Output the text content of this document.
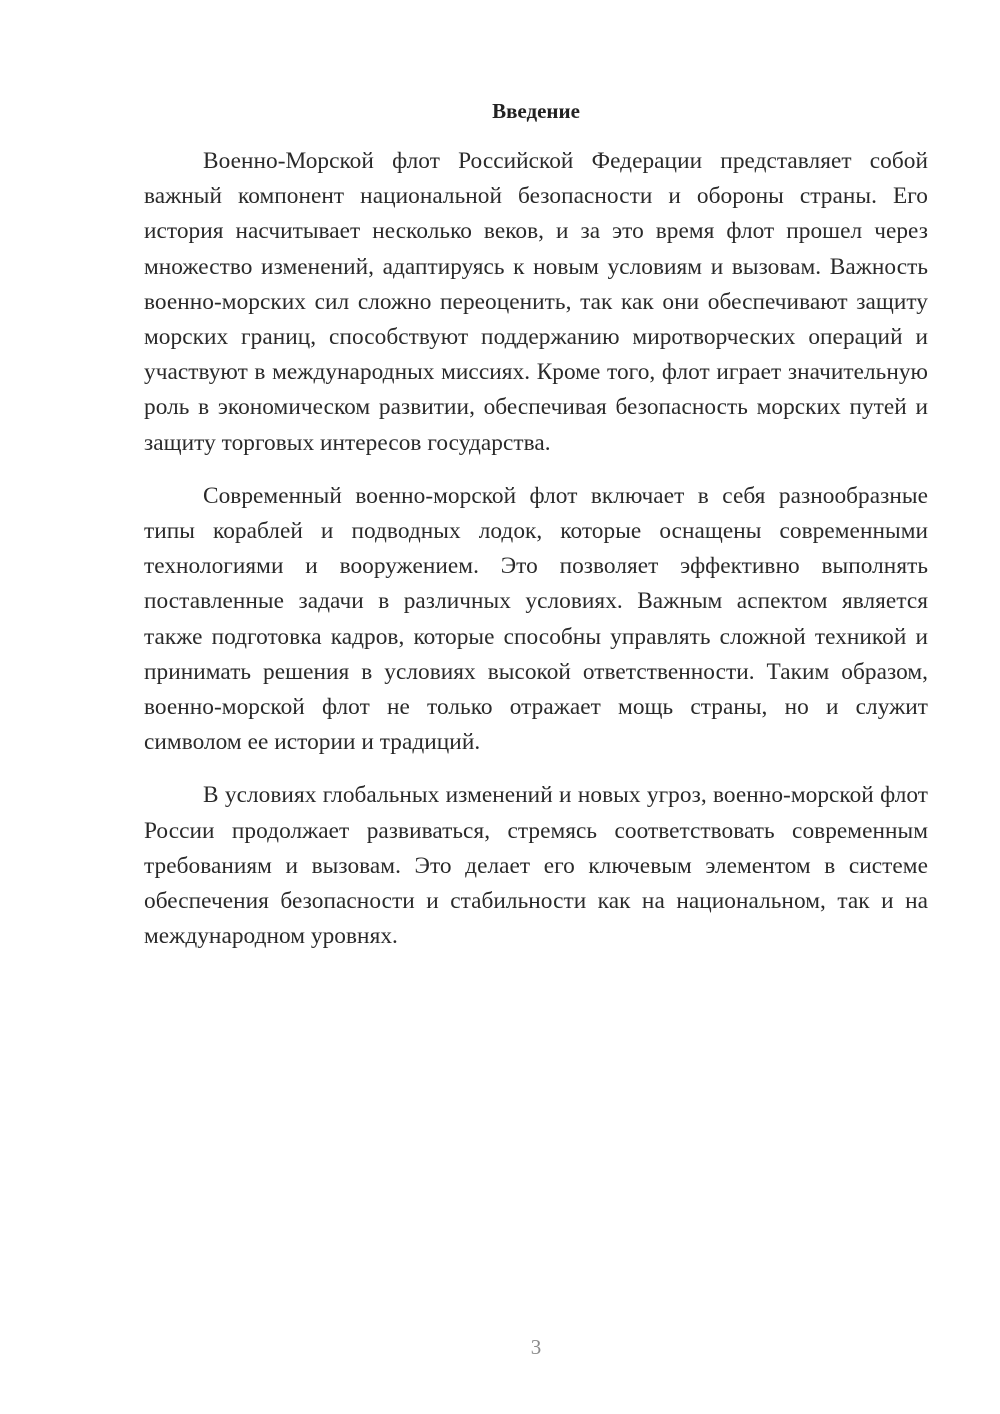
Введение

Военно-Морской флот Российской Федерации представляет собой важный компонент национальной безопасности и обороны страны. Его история насчитывает несколько веков, и за это время флот прошел через множество изменений, адаптируясь к новым условиям и вызовам. Важность военно-морских сил сложно переоценить, так как они обеспечивают защиту морских границ, способствуют поддержанию миротворческих операций и участвуют в международных миссиях. Кроме того, флот играет значительную роль в экономическом развитии, обеспечивая безопасность морских путей и защиту торговых интересов государства.

Современный военно-морской флот включает в себя разнообразные типы кораблей и подводных лодок, которые оснащены современными технологиями и вооружением. Это позволяет эффективно выполнять поставленные задачи в различных условиях. Важным аспектом является также подготовка кадров, которые способны управлять сложной техникой и принимать решения в условиях высокой ответственности. Таким образом, военно-морской флот не только отражает мощь страны, но и служит символом ее истории и традиций.

В условиях глобальных изменений и новых угроз, военно-морской флот России продолжает развиваться, стремясь соответствовать современным требованиям и вызовам. Это делает его ключевым элементом в системе обеспечения безопасности и стабильности как на национальном, так и на международном уровнях.

3
